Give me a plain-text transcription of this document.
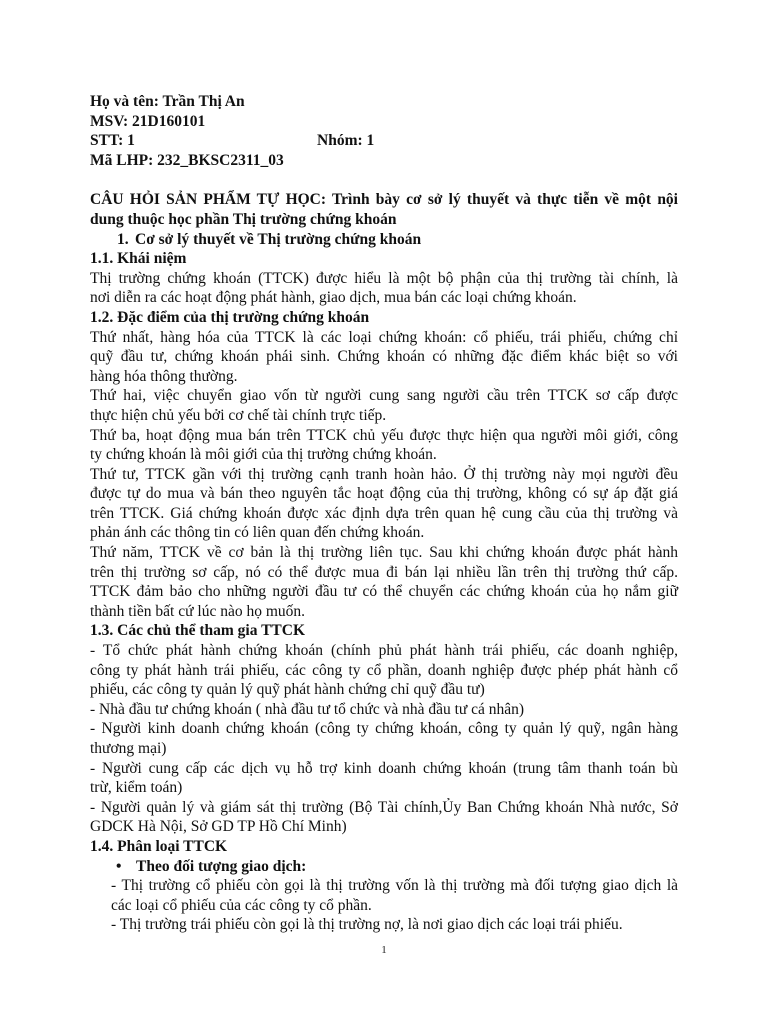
Họ và tên: Trần Thị An

MSV: 21D160101

STT: 1	Nhóm: 1

Mã LHP: 232_BKSC2311_03

CÂU HỎI SẢN PHẨM TỰ HỌC: Trình bày cơ sở lý thuyết và thực tiễn về một nội

dung thuộc học phần Thị trường chứng khoán

1. Cơ sở lý thuyết về Thị trường chứng khoán

1.1. Khái niệm

Thị trường chứng khoán (TTCK) được hiểu là một bộ phận của thị trường tài chính, là

nơi diễn ra các hoạt động phát hành, giao dịch, mua bán các loại chứng khoán.

1.2. Đặc điểm của thị trường chứng khoán

Thứ nhất, hàng hóa của TTCK là các loại chứng khoán: cổ phiếu, trái phiếu, chứng chỉ

quỹ đầu tư, chứng khoán phái sinh. Chứng khoán có những đặc điểm khác biệt so với

hàng hóa thông thường.

Thứ hai, việc chuyển giao vốn từ người cung sang người cầu trên TTCK sơ cấp được

thực hiện chủ yếu bởi cơ chế tài chính trực tiếp.

Thứ ba, hoạt động mua bán trên TTCK chủ yếu được thực hiện qua người môi giới, công

ty chứng khoán là môi giới của thị trường chứng khoán.

Thứ tư, TTCK gần với thị trường cạnh tranh hoàn hảo. Ở thị trường này mọi người đều

được tự do mua và bán theo nguyên tắc hoạt động của thị trường, không có sự áp đặt giá

trên TTCK. Giá chứng khoán được xác định dựa trên quan hệ cung cầu của thị trường và

phản ánh các thông tin có liên quan đến chứng khoán.

Thứ năm, TTCK về cơ bản là thị trường liên tục. Sau khi chứng khoán được phát hành

trên thị trường sơ cấp, nó có thể được mua đi bán lại nhiều lần trên thị trường thứ cấp.

TTCK đảm bảo cho những người đầu tư có thể chuyển các chứng khoán của họ nắm giữ

thành tiền bất cứ lúc nào họ muốn.

1.3. Các chủ thể tham gia TTCK

- Tổ chức phát hành chứng khoán (chính phủ phát hành trái phiếu, các doanh nghiệp,

công ty phát hành trái phiếu, các công ty cổ phần, doanh nghiệp được phép phát hành cổ

phiếu, các công ty quản lý quỹ phát hành chứng chỉ quỹ đầu tư)

- Nhà đầu tư chứng khoán ( nhà đầu tư tổ chức và nhà đầu tư cá nhân)

- Người kinh doanh chứng khoán (công ty chứng khoán, công ty quản lý quỹ, ngân hàng

thương mại)

- Người cung cấp các dịch vụ hỗ trợ kinh doanh chứng khoán (trung tâm thanh toán bù

trừ, kiểm toán)

- Người quản lý và giám sát thị trường (Bộ Tài chính,Ủy Ban Chứng khoán Nhà nước, Sở

GDCK Hà Nội, Sở GD TP Hồ Chí Minh)

1.4. Phân loại TTCK

• Theo đối tượng giao dịch:

- Thị trường cổ phiếu còn gọi là thị trường vốn là thị trường mà đối tượng giao dịch là

các loại cổ phiếu của các công ty cổ phần.

- Thị trường trái phiếu còn gọi là thị trường nợ, là nơi giao dịch các loại trái phiếu.

1
